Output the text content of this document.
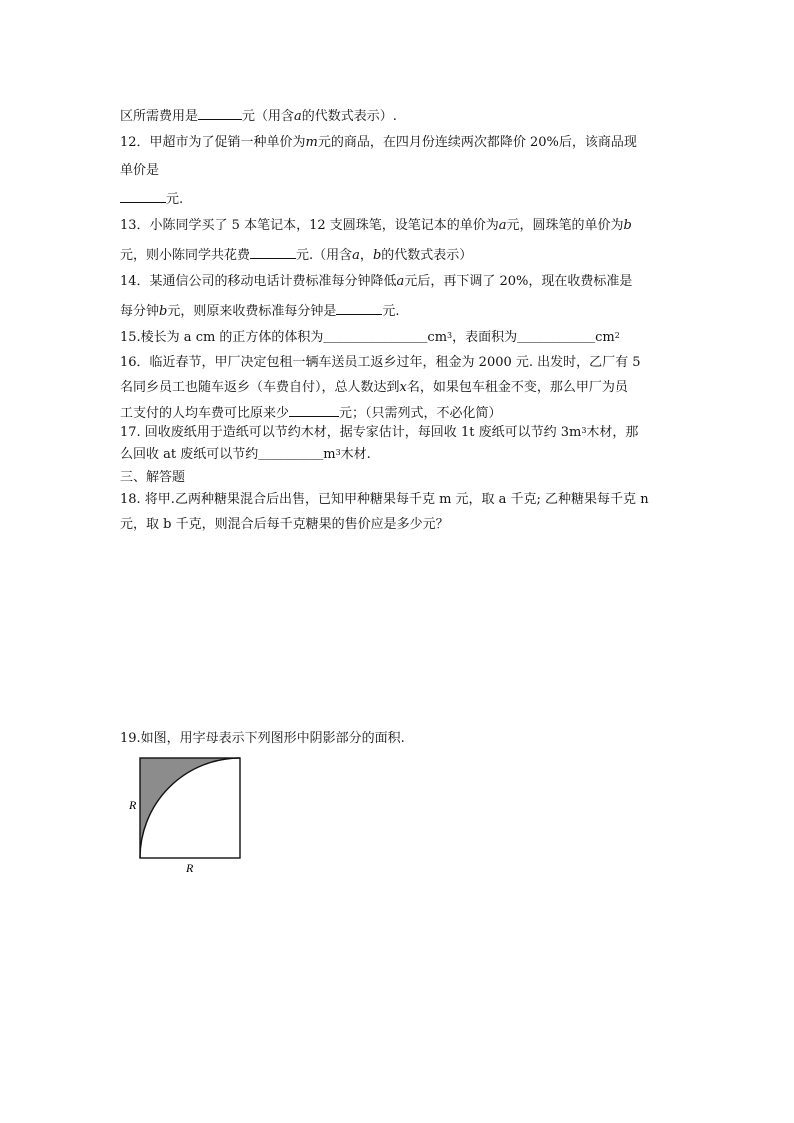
区所需费用是	元（用含a的代数式表示）.
12．甲超市为了促销一种单价为m元的商品，在四月份连续两次都降价 20%后，该商品现
单价是
元.
13．小陈同学买了 5 本笔记本，12 支圆珠笔，设笔记本的单价为a元，圆珠笔的单价为b
元，则小陈同学共花费	元.（用含a，b的代数式表示）
14．某通信公司的移动电话计费标准每分钟降低a元后，再下调了 20%，现在收费标准是
每分钟b元，则原来收费标准每分钟是	元.
15.棱长为 a cm 的正方体的体积为$\_\_\_\_\_\_\_\_cm^3$，表面积为$\_\_\_\_\_\_cm^2$
16．临近春节，甲厂决定包租一辆车送员工返乡过年，租金为 2000 元. 出发时，乙厂有 5
名同乡员工也随车返乡（车费自付），总人数达到x名，如果包车租金不变，那么甲厂为员
工支付的人均车费可比原来少	元；（只需列式，不必化简）
17. 回收废纸用于造纸可以节约木材，据专家估计，每回收 1t 废纸可以节约 $3m^3$木材，那
么回收 at 废纸可以节约$\_\_\_\_\_m^3$木材.
三、解答题
18. 将甲.乙两种糖果混合后出售，已知甲种糖果每千克 m 元，取 a 千克; 乙种糖果每千克 n
元，取 b 千克，则混合后每千克糖果的售价应是多少元？
19.如图，用字母表示下列图形中阴影部分的面积.
R
R
